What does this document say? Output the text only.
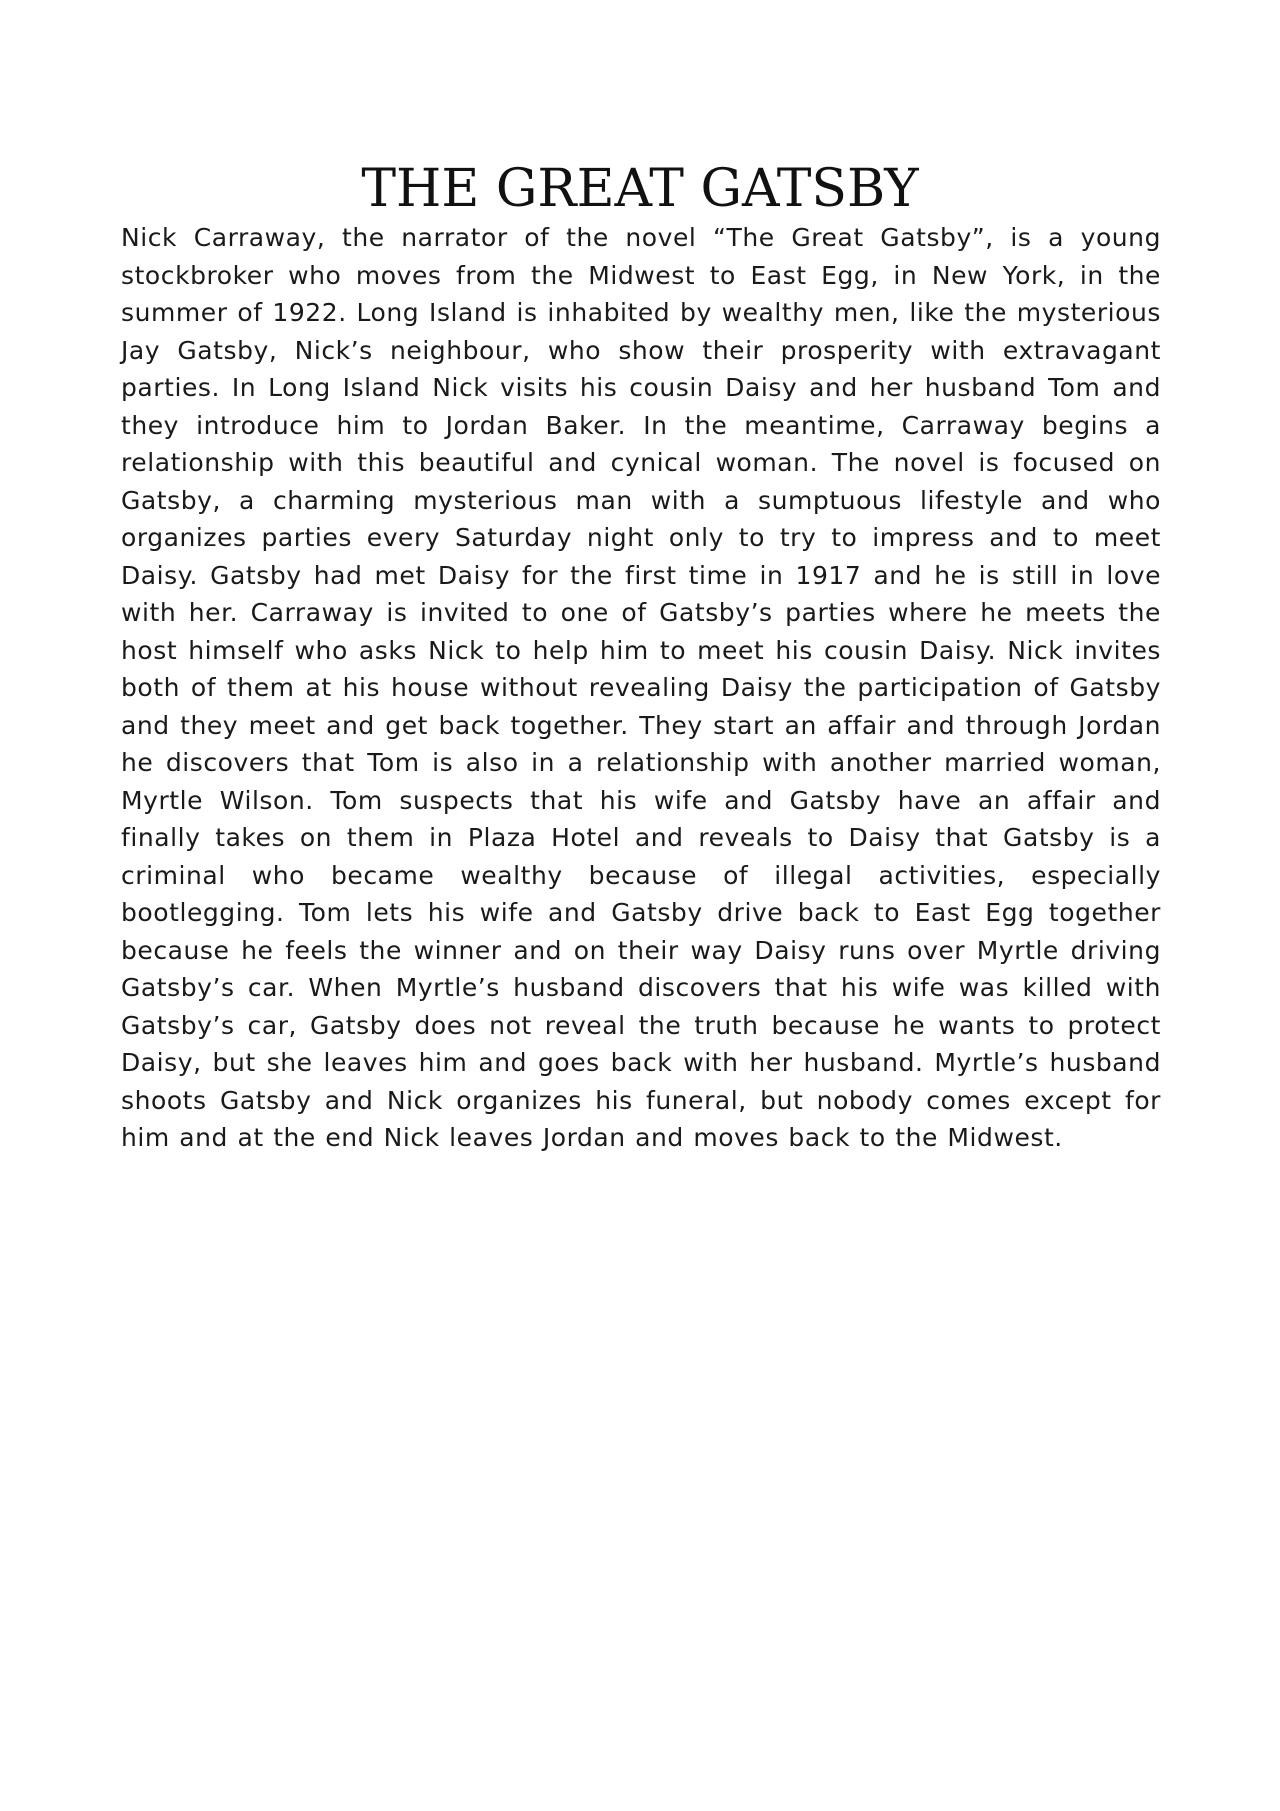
THE GREAT GATSBY

Nick Carraway, the narrator of the novel “The Great Gatsby”, is a young stockbroker who moves from the Midwest to East Egg, in New York, in the summer of 1922. Long Island is inhabited by wealthy men, like the mysterious Jay Gatsby, Nick’s neighbour, who show their prosperity with extravagant parties. In Long Island Nick visits his cousin Daisy and her husband Tom and they introduce him to Jordan Baker. In the meantime, Carraway begins a relationship with this beautiful and cynical woman. The novel is focused on Gatsby, a charming mysterious man with a sumptuous lifestyle and who organizes parties every Saturday night only to try to impress and to meet Daisy. Gatsby had met Daisy for the first time in 1917 and he is still in love with her. Carraway is invited to one of Gatsby’s parties where he meets the host himself who asks Nick to help him to meet his cousin Daisy. Nick invites both of them at his house without revealing Daisy the participation of Gatsby and they meet and get back together. They start an affair and through Jordan he discovers that Tom is also in a relationship with another married woman, Myrtle Wilson. Tom suspects that his wife and Gatsby have an affair and finally takes on them in Plaza Hotel and reveals to Daisy that Gatsby is a criminal who became wealthy because of illegal activities, especially bootlegging. Tom lets his wife and Gatsby drive back to East Egg together because he feels the winner and on their way Daisy runs over Myrtle driving Gatsby’s car. When Myrtle’s husband discovers that his wife was killed with Gatsby’s car, Gatsby does not reveal the truth because he wants to protect Daisy, but she leaves him and goes back with her husband. Myrtle’s husband shoots Gatsby and Nick organizes his funeral, but nobody comes except for him and at the end Nick leaves Jordan and moves back to the Midwest.
